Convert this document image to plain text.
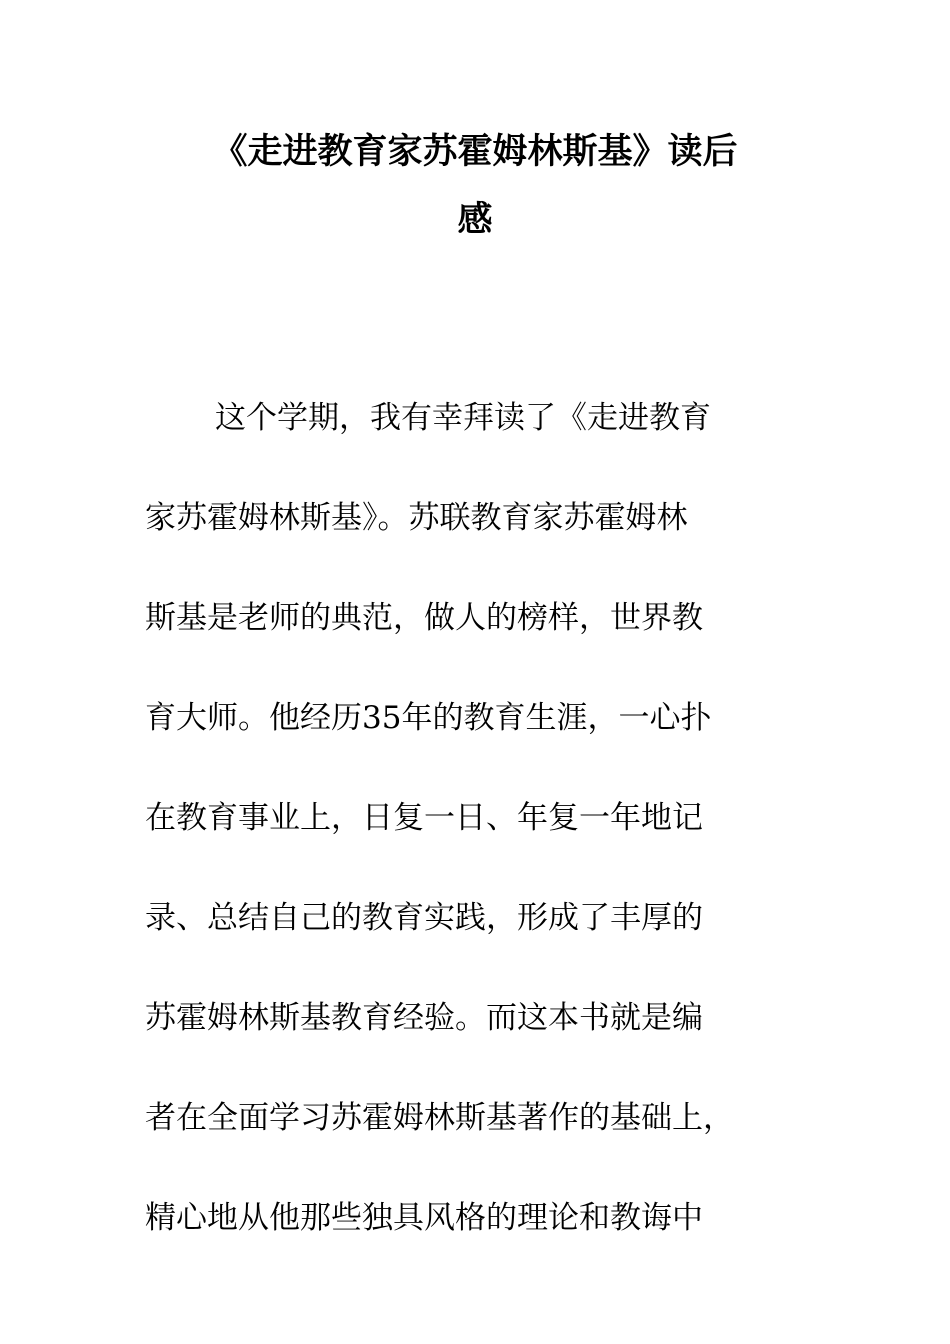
《走进教育家苏霍姆林斯基》读后
感
这个学期，我有幸拜读了《走进教育
家苏霍姆林斯基》。苏联教育家苏霍姆林
斯基是老师的典范，做人的榜样，世界教
育大师。他经历35年的教育生涯，一心扑
在教育事业上，日复一日、年复一年地记
录、总结自己的教育实践，形成了丰厚的
苏霍姆林斯基教育经验。而这本书就是编
者在全面学习苏霍姆林斯基著作的基础上，
精心地从他那些独具风格的理论和教诲中
